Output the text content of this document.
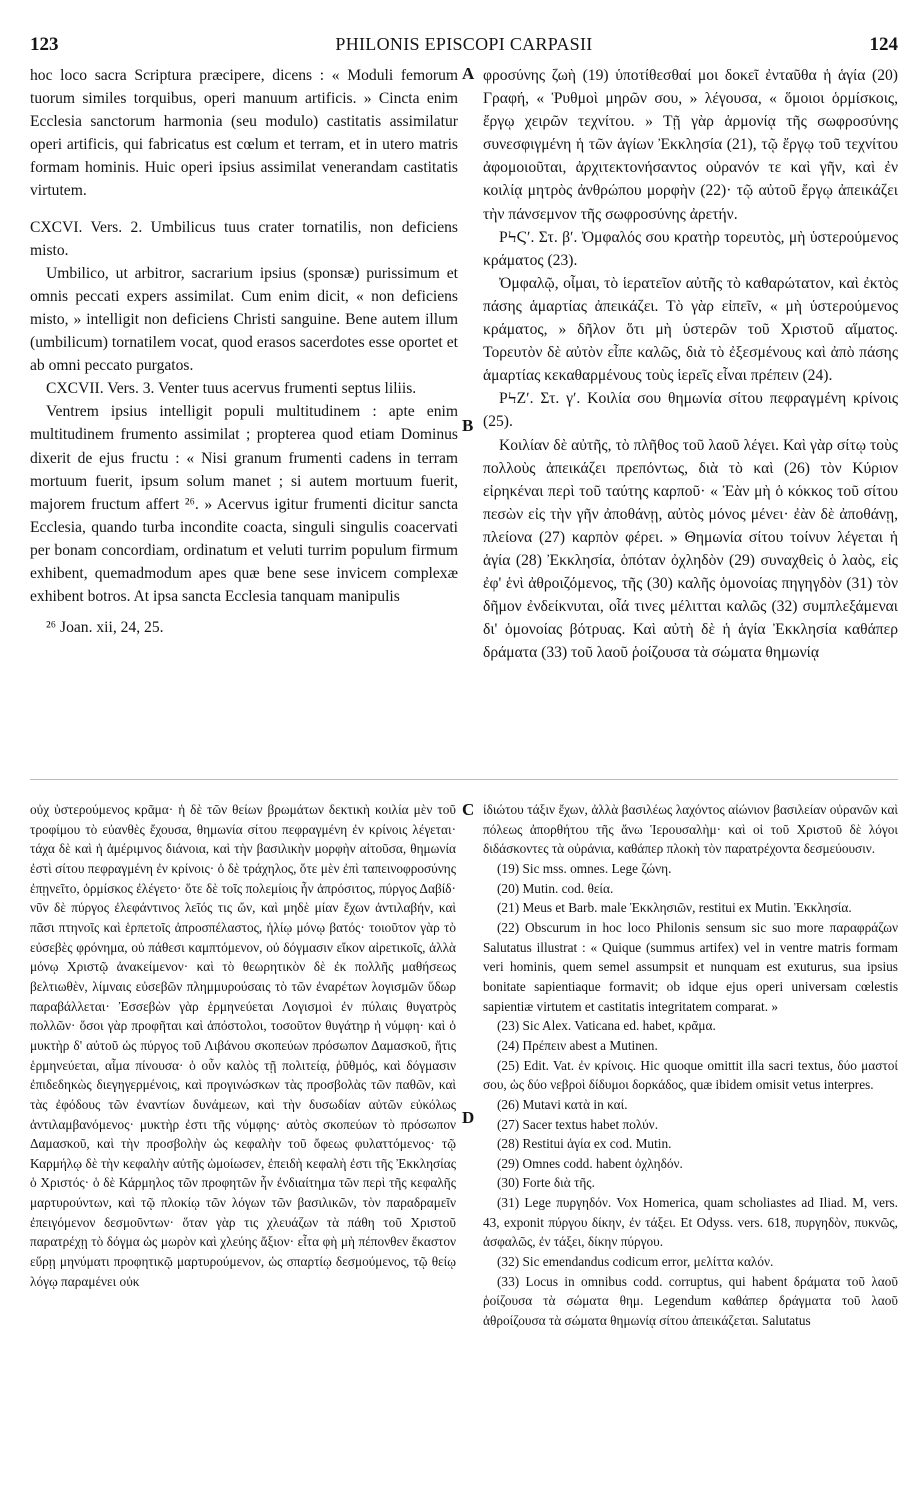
123	PHILONIS EPISCOPI CARPASII	124

hoc loco sacra Scriptura præcipere, dicens : « Moduli femorum tuorum similes torquibus, operi manuum artificis. » Cincta enim Ecclesia sanctorum harmonia (seu modulo) castitatis assimilatur operi artificis, qui fabricatus est cœlum et terram, et in utero matris formam hominis. Huic operi ipsius assimilat venerandam castitatis virtutem.

CXCVI. Vers. 2. Umbilicus tuus crater tornatilis, non deficiens misto.

Umbilico, ut arbitror, sacrarium ipsius (sponsæ) purissimum et omnis peccati expers assimilat. Cum enim dicit, « non deficiens misto, » intelligit non deficiens Christi sanguine. Bene autem illum (umbilicum) tornatilem vocat, quod erasos sacerdotes esse oportet et ab omni peccato purgatos.

CXCVII. Vers. 3. Venter tuus acervus frumenti septus liliis.

Ventrem ipsius intelligit populi multitudinem : apte enim multitudinem frumento assimilat ; propterea quod etiam Dominus dixerit de ejus fructu : « Nisi granum frumenti cadens in terram mortuum fuerit, ipsum solum manet ; si autem mortuum fuerit, majorem fructum affert ²⁶. » Acervus igitur frumenti dicitur sancta Ecclesia, quando turba incondite coacta, singuli singulis coacervati per bonam concordiam, ordinatum et veluti turrim populum firmum exhibent, quemadmodum apes quæ bene sese invicem complexæ exhibent botros. At ipsa sancta Ecclesia tanquam manipulis

²⁶ Joan. xii, 24, 25.

φροσύνης ζωὴ (19) ὑποτίθεσθαί μοι δοκεῖ ἐνταῦθα ἡ ἁγία (20) Γραφή, « Ῥυθμοὶ μηρῶν σου, » λέγουσα, « ὅμοιοι ὁρμίσκοις, ἔργῳ χειρῶν τεχνίτου. » Τῇ γὰρ ἁρμονίᾳ τῆς σωφροσύνης συνεσφιγμένη ἡ τῶν ἁγίων Ἐκκλησία (21), τῷ ἔργῳ τοῦ τεχνίτου ἀφομοιοῦται, ἀρχιτεκτονήσαντος οὐρανόν τε καὶ γῆν, καὶ ἐν κοιλίᾳ μητρὸς ἀνθρώπου μορφὴν (22)· τῷ αὐτοῦ ἔργῳ ἀπεικάζει τὴν πάνσεμνον τῆς σωφροσύνης ἀρετήν.

ΡϞϚʹ. Στ. βʹ. Ὀμφαλός σου κρατὴρ τορευτὸς, μὴ ὑστερούμενος κράματος (23).

Ὀμφαλῷ, οἶμαι, τὸ ἱερατεῖον αὐτῆς τὸ καθαρώτατον, καὶ ἐκτὸς πάσης ἁμαρτίας ἀπεικάζει. Τὸ γὰρ εἰπεῖν, « μὴ ὑστερούμενος κράματος, » δῆλον ὅτι μὴ ὑστερῶν τοῦ Χριστοῦ αἵματος. Τορευτὸν δὲ αὐτὸν εἶπε καλῶς, διὰ τὸ ἐξεσμένους καὶ ἀπὸ πάσης ἁμαρτίας κεκαθαρμένους τοὺς ἱερεῖς εἶναι πρέπειν (24).

ΡϞΖʹ. Στ. γʹ. Κοιλία σου θημωνία σίτου πεφραγμένη κρίνοις (25).

Κοιλίαν δὲ αὐτῆς, τὸ πλῆθος τοῦ λαοῦ λέγει. Καὶ γὰρ σίτῳ τοὺς πολλοὺς ἀπεικάζει πρεπόντως, διὰ τὸ καὶ (26) τὸν Κύριον εἰρηκέναι περὶ τοῦ ταύτης καρποῦ· « Ἐὰν μὴ ὁ κόκκος τοῦ σίτου πεσὼν εἰς τὴν γῆν ἀποθάνῃ, αὐτὸς μόνος μένει· ἐὰν δὲ ἀποθάνῃ, πλείονα (27) καρπὸν φέρει. » Θημωνία σίτου τοίνυν λέγεται ἡ ἁγία (28) Ἐκκλησία, ὁπόταν ὀχληδὸν (29) συναχθεὶς ὁ λαὸς, εἰς ἐφ' ἑνὶ ἀθροιζόμενος, τῆς (30) καλῆς ὁμονοίας πηγηγδὸν (31) τὸν δῆμον ἐνδείκνυται, οἷά τινες μέλιτται καλῶς (32) συμπλεξάμεναι δι' ὁμονοίας βότρυας. Καὶ αὐτὴ δὲ ἡ ἁγία Ἐκκλησία καθάπερ δράματα (33) τοῦ λαοῦ ῥοίζουσα τὰ σώματα θημωνίᾳ

A
B
C
D

οὐχ ὑστερούμενος κρᾶμα· ἡ δὲ τῶν θείων βρωμάτων δεκτικὴ κοιλία μὲν τοῦ τροφίμου τὸ εὐανθὲς ἔχουσα, θημωνία σίτου πεφραγμένη ἐν κρίνοις λέγεται· τάχα δὲ καὶ ἡ ἀμέριμνος διάνοια, καὶ τὴν βασιλικὴν μορφὴν αἰτοῦσα, θημωνία ἐστὶ σίτου πεφραγμένη ἐν κρίνοις· ὁ δὲ τράχηλος, ὅτε μὲν ἐπὶ ταπεινοφροσύνης ἐπῃνεῖτο, ὁρμίσκος ἐλέγετο· ὅτε δὲ τοῖς πολεμίοις ἦν ἀπρόσιτος, πύργος Δαβίδ· νῦν δὲ πύργος ἐλεφάντινος λεῖός τις ὤν, καὶ μηδὲ μίαν ἔχων ἀντιλαβήν, καὶ πᾶσι πτηνοῖς καὶ ἑρπετοῖς ἀπροσπέλαστος, ἡλίῳ μόνῳ βατός· τοιοῦτον γὰρ τὸ εὐσεβὲς φρόνημα, οὐ πάθεσι καμπτόμενον, οὐ δόγμασιν εἴκον αἱρετικοῖς, ἀλλὰ μόνῳ Χριστῷ ἀνακείμενον· καὶ τὸ θεωρητικὸν δὲ ἐκ πολλῆς μαθήσεως βελτιωθὲν, λίμναις εὐσεβῶν πλημμυρούσαις τὸ τῶν ἐναρέτων λογισμῶν ὕδωρ παραβάλλεται· Ἐσσεβὼν γὰρ ἑρμηνεύεται Λογισμοὶ ἐν πύλαις θυγατρὸς πολλῶν· ὅσοι γὰρ προφῆται καὶ ἀπόστολοι, τοσοῦτον θυγάτηρ ἡ νύμφη· καὶ ὁ μυκτὴρ δ' αὐτοῦ ὡς πύργος τοῦ Λιβάνου σκοπεύων πρόσωπον Δαμασκοῦ, ἥτις ἑρμηνεύεται, αἷμα πίνουσα· ὁ οὖν καλὸς τῇ πολιτείᾳ, ῥῦθμός, καὶ δόγμασιν ἐπιδεδηκὼς διεγηγερμένοις, καὶ προγινώσκων τὰς προσβολὰς τῶν παθῶν, καὶ τὰς ἐφόδους τῶν ἐναντίων δυνάμεων, καὶ τὴν δυσωδίαν αὐτῶν εὐκόλως ἀντιλαμβανόμενος· μυκτὴρ ἐστι τῆς νύμφης· αὐτὸς σκοπεύων τὸ πρόσωπον Δαμασκοῦ, καὶ τὴν προσβολὴν ὡς κεφαλὴν τοῦ ὄφεως φυλαττόμενος· τῷ Καρμήλῳ δὲ τὴν κεφαλὴν αὐτῆς ὡμοίωσεν, ἐπειδὴ κεφαλὴ ἐστι τῆς Ἐκκλησίας ὁ Χριστός· ὁ δὲ Κάρμηλος τῶν προφητῶν ἦν ἐνδιαίτημα τῶν περὶ τῆς κεφαλῆς μαρτυρούντων, καὶ τῷ πλοκίῳ τῶν λόγων τῶν βασιλικῶν, τὸν παραδραμεῖν ἐπειγόμενον δεσμοῦντων· ὅταν γὰρ τις χλευάζων τὰ πάθη τοῦ Χριστοῦ παρατρέχῃ τὸ δόγμα ὡς μωρὸν καὶ χλεύης ἄξιον· εἶτα φὴ μὴ πέπονθεν ἕκαστον εὕρῃ μηνύματι προφητικῷ μαρτυρούμενον, ὡς σπαρτίῳ δεσμούμενος, τῷ θείῳ λόγῳ παραμένει οὐκ

ἰδιώτου τάξιν ἔχων, ἀλλὰ βασιλέως λαχόντος αἰώνιον βασιλείαν οὐρανῶν καὶ πόλεως ἀπορθήτου τῆς ἄνω Ἱερουσαλὴμ· καὶ οἱ τοῦ Χριστοῦ δὲ λόγοι διδάσκοντες τὰ οὐράνια, καθάπερ πλοκὴ τὸν παρατρέχοντα δεσμεύουσιν.

(19) Sic mss. omnes. Lege ζώνη.

(20) Mutin. cod. θεία.

(21) Meus et Barb. male Ἐκκλησιῶν, restitui ex Mutin. Ἐκκλησία.

(22) Obscurum in hoc loco Philonis sensum sic suo more παραφράζων Salutatus illustrat : « Quique (summus artifex) vel in ventre matris formam veri hominis, quem semel assumpsit et nunquam est exuturus, sua ipsius bonitate sapientiaque formavit; ob idque ejus operi universam cœlestis sapientiæ virtutem et castitatis integritatem comparat. »

(23) Sic Alex. Vaticana ed. habet, κρᾶμα.

(24) Πρέπειν abest a Mutinen.

(25) Edit. Vat. ἐν κρίνοις. Hic quoque omittit illa sacri textus, δύο μαστοί σου, ὡς δύο νεβροὶ δίδυμοι δορκάδος, quæ ibidem omisit vetus interpres.

(26) Mutavi κατὰ in καί.

(27) Sacer textus habet πολύν.

(28) Restitui ἁγία ex cod. Mutin.

(29) Omnes codd. habent ὀχληδόν.

(30) Forte διὰ τῆς.

(31) Lege πυργηδόν. Vox Homerica, quam scholiastes ad Iliad. M, vers. 43, exponit πύργου δίκην, ἐν τάξει. Et Odyss. vers. 618, πυργηδὸν, πυκνῶς, ἀσφαλῶς, ἐν τάξει, δίκην πύργου.

(32) Sic emendandus codicum error, μελίττα καλόν.

(33) Locus in omnibus codd. corruptus, qui habent δράματα τοῦ λαοῦ ῥοίζουσα τὰ σώματα θημ. Legendum καθάπερ δράγματα τοῦ λαοῦ ἀθροίζουσα τὰ σώματα θημωνίᾳ σίτου ἀπεικάζεται. Salutatus
